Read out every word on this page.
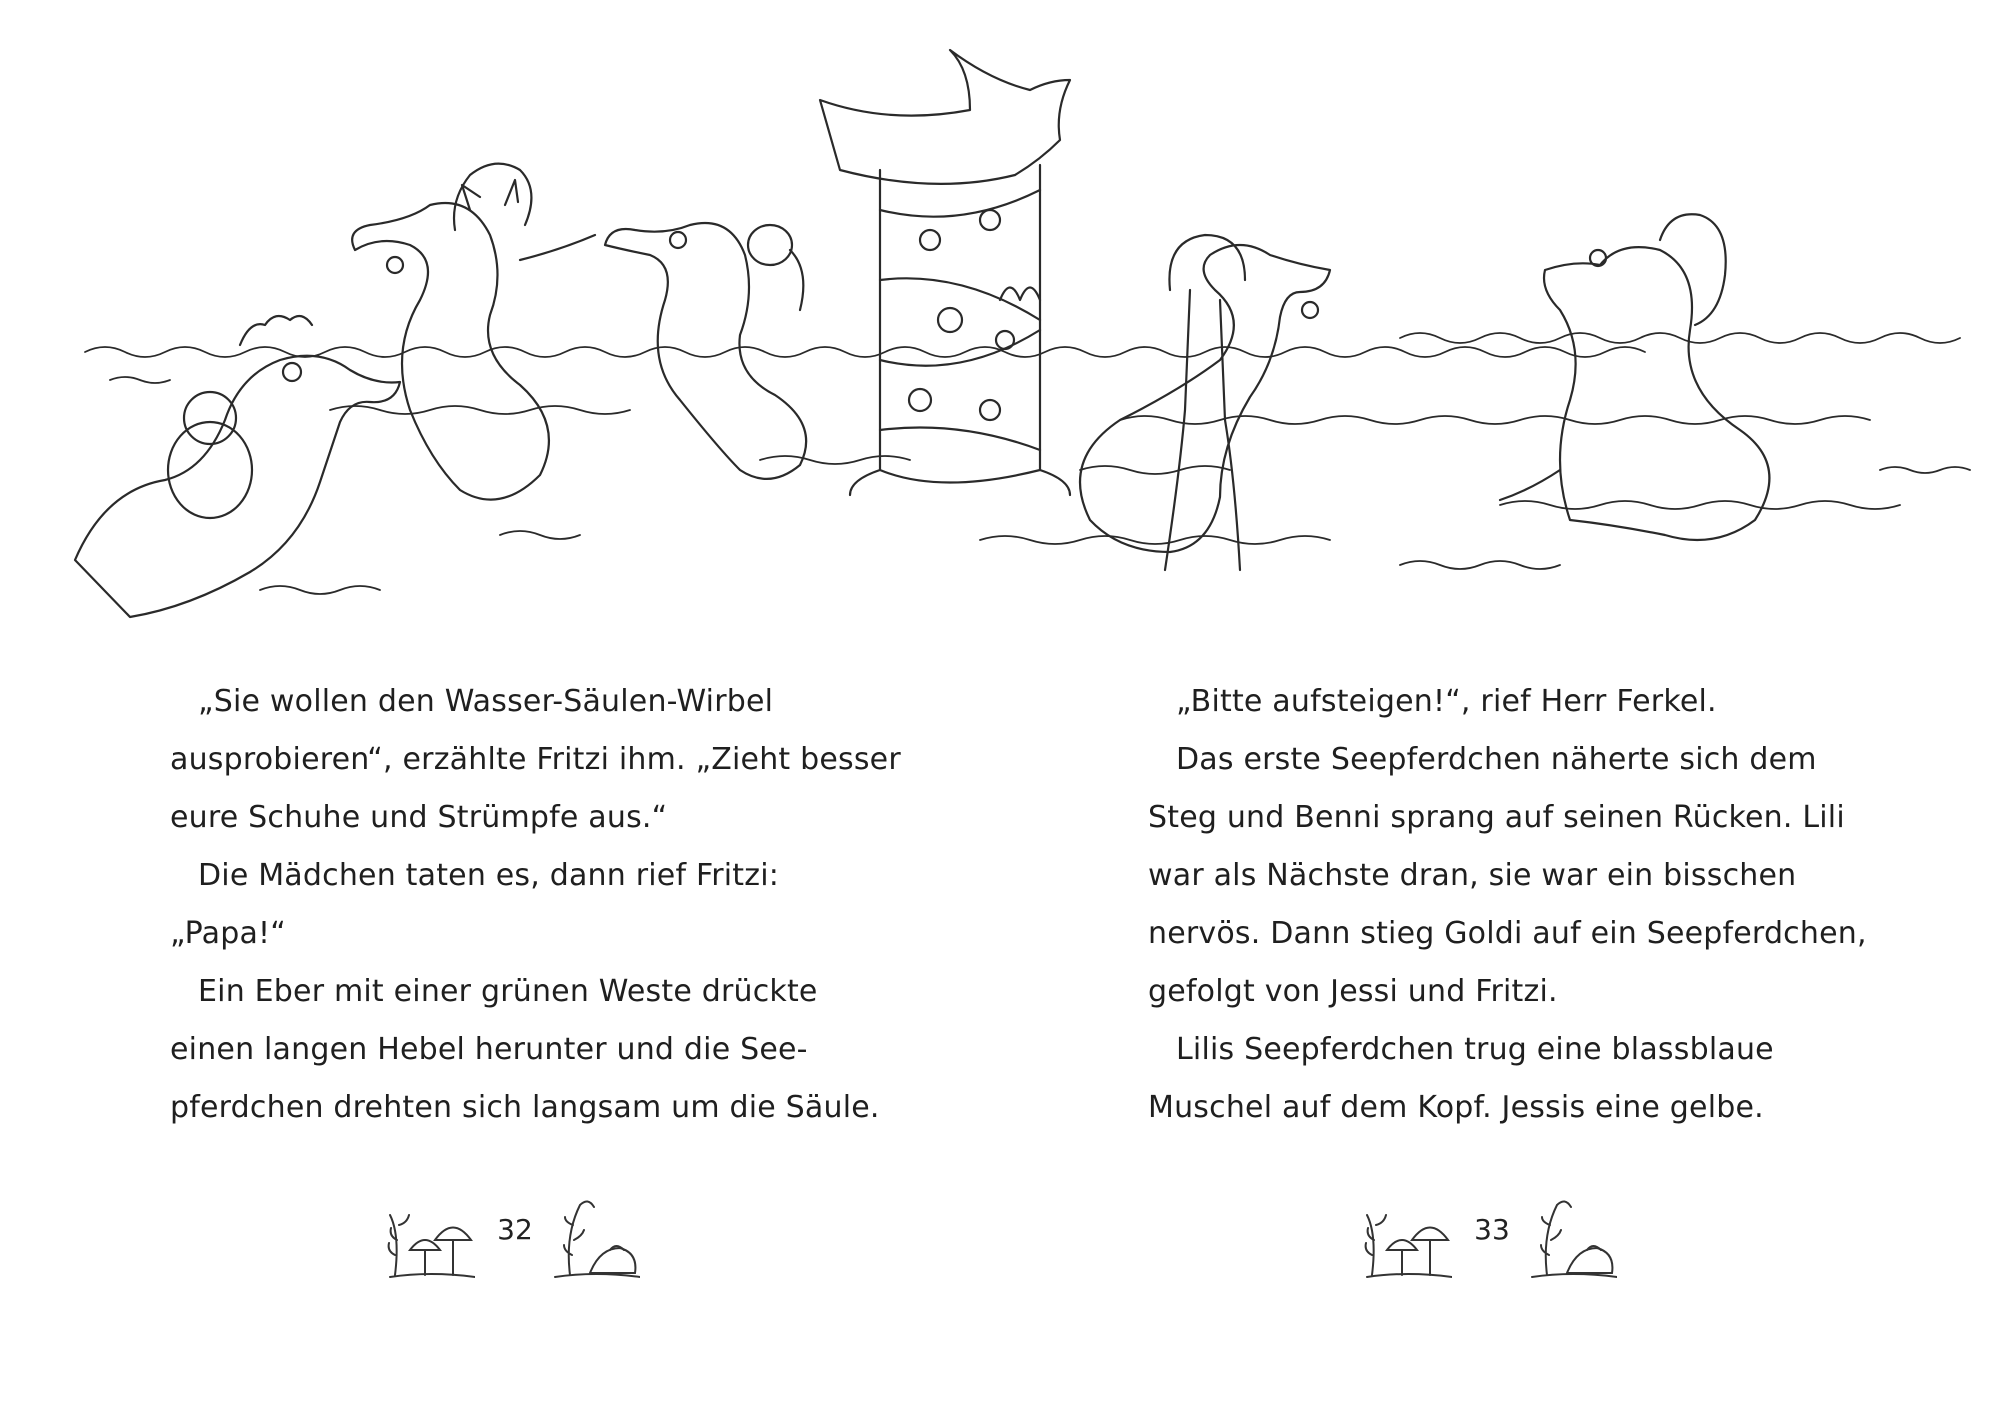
„Sie wollen den Wasser-Säulen-Wirbel
ausprobieren“, erzählte Fritzi ihm. „Zieht besser
eure Schuhe und Strümpfe aus.“
Die Mädchen taten es, dann rief Fritzi:
„Papa!“
Ein Eber mit einer grünen Weste drückte
einen langen Hebel herunter und die See-
pferdchen drehten sich langsam um die Säule.
„Bitte aufsteigen!“, rief Herr Ferkel.
Das erste Seepferdchen näherte sich dem
Steg und Benni sprang auf seinen Rücken. Lili
war als Nächste dran, sie war ein bisschen
nervös. Dann stieg Goldi auf ein Seepferdchen,
gefolgt von Jessi und Fritzi.
Lilis Seepferdchen trug eine blassblaue
Muschel auf dem Kopf. Jessis eine gelbe.
32	33
